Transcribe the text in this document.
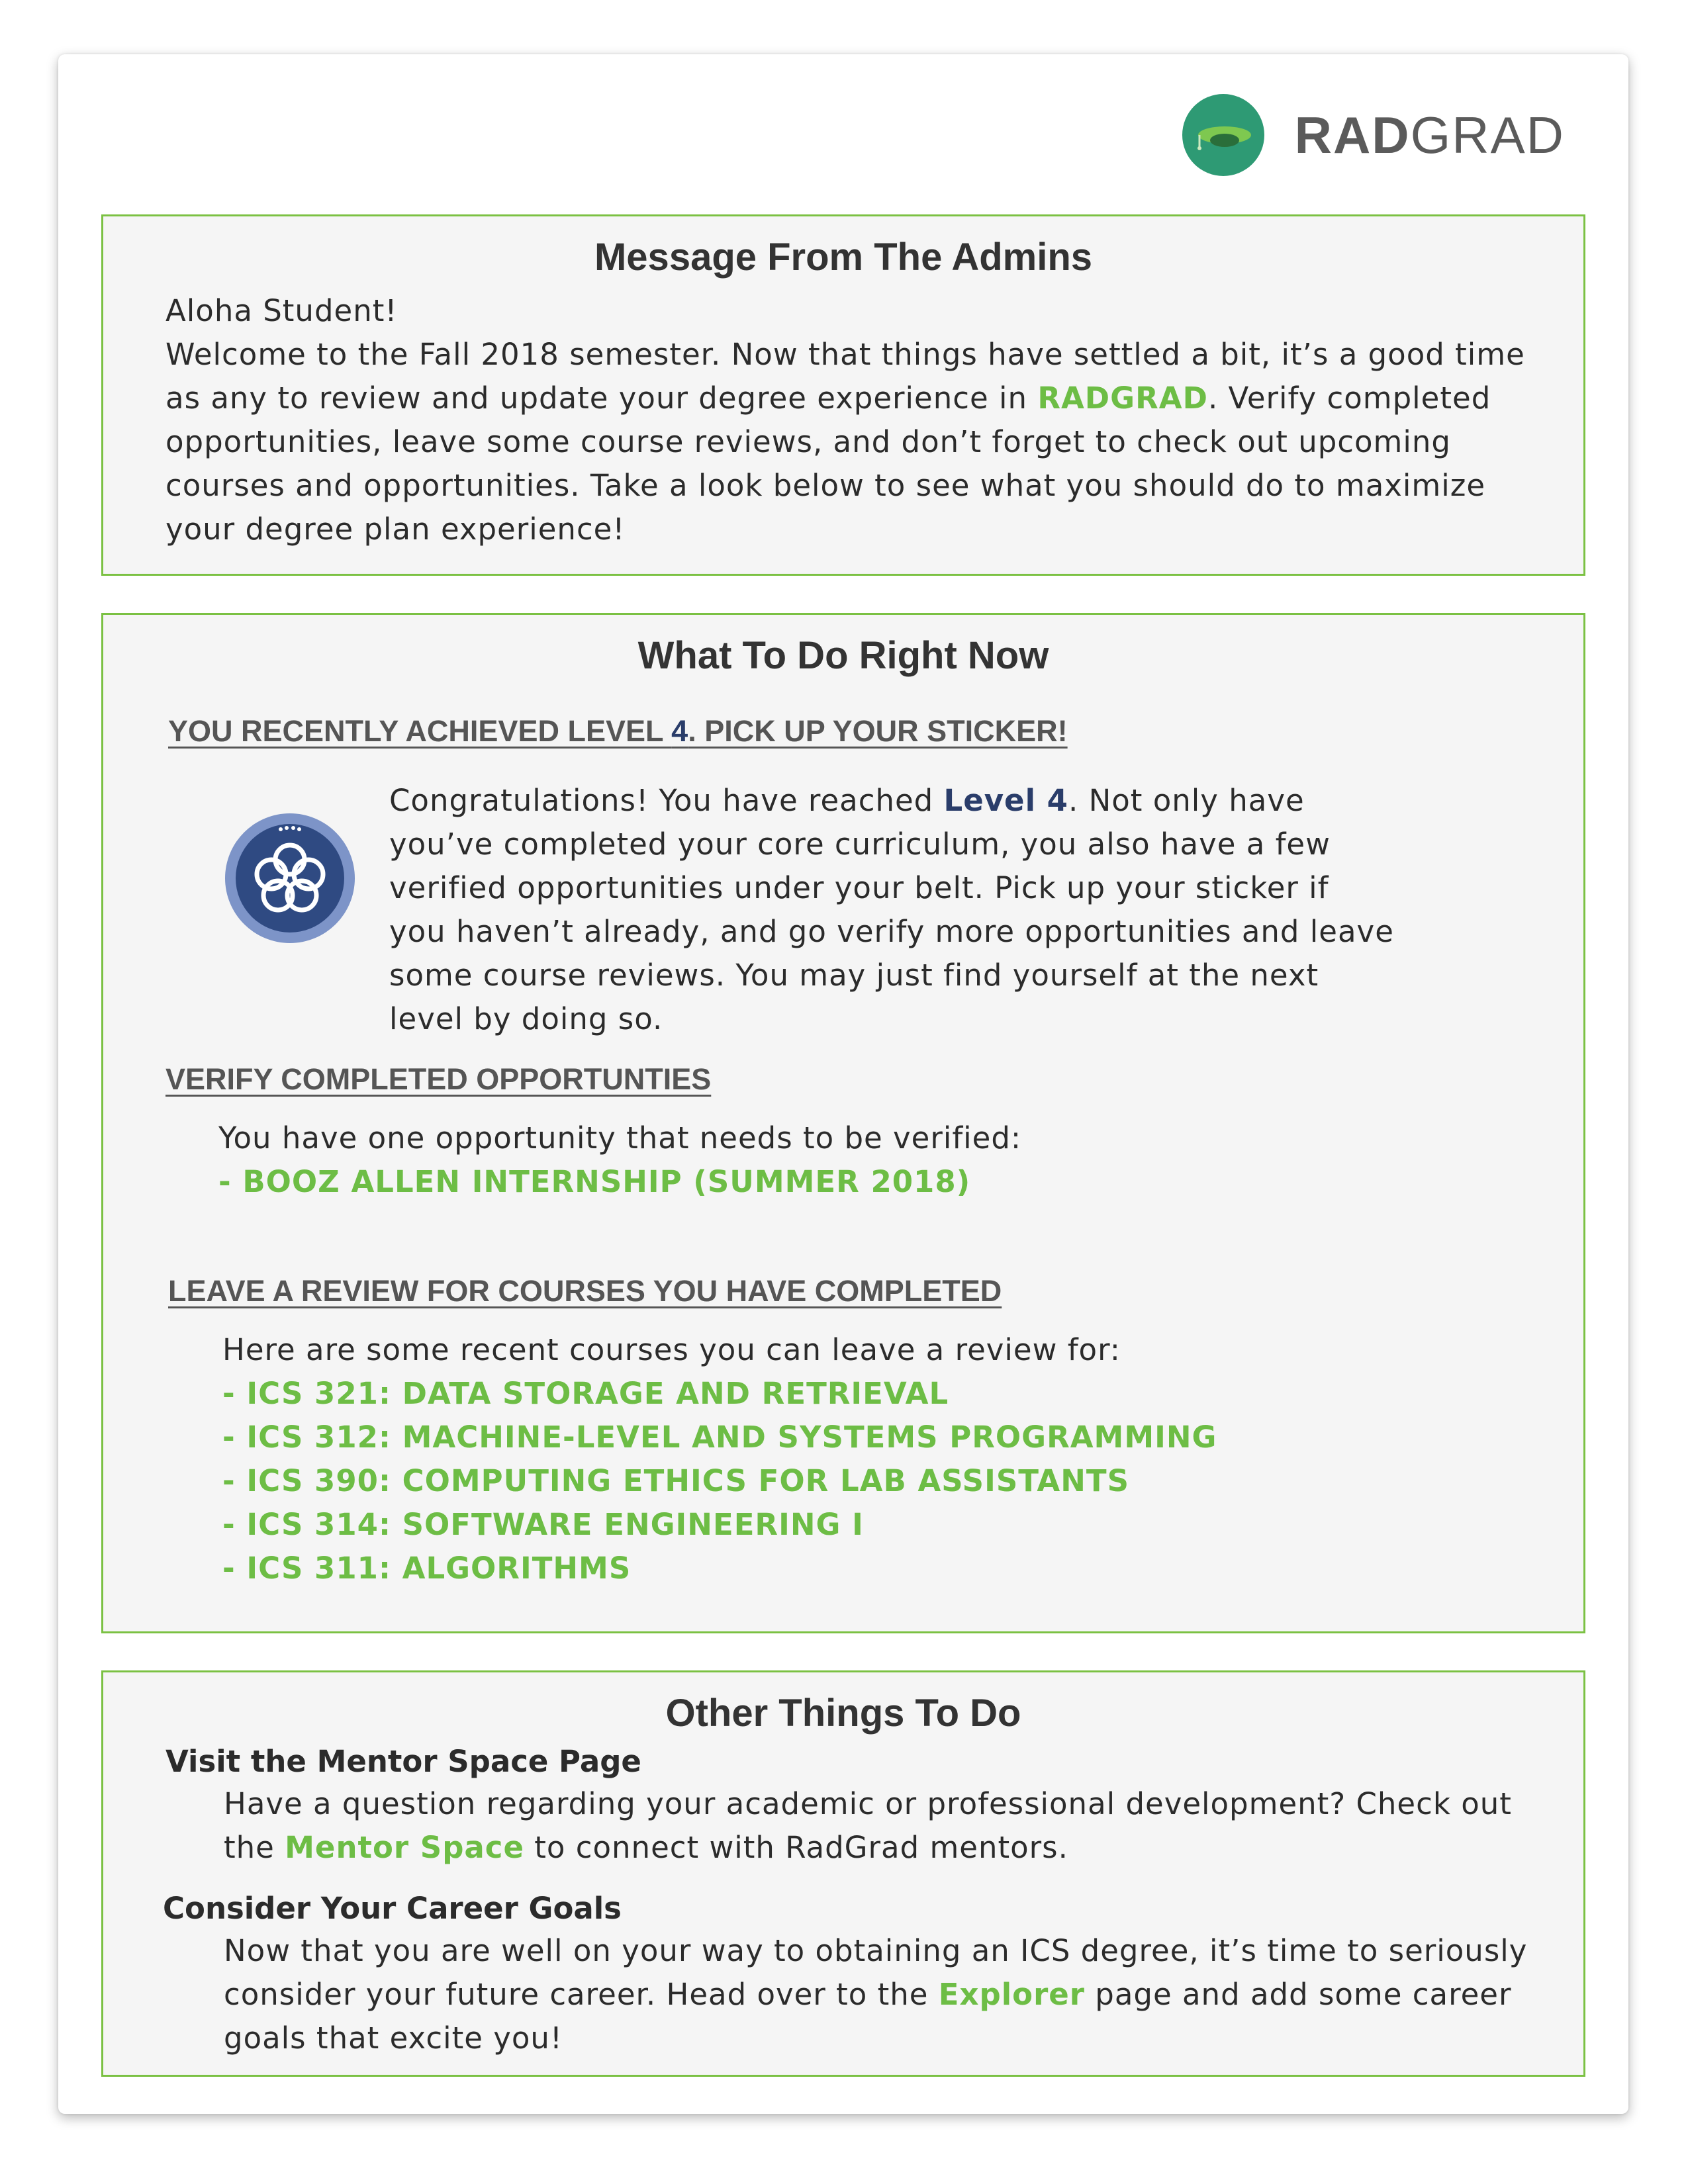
RADGRAD
Message From The Admins
Aloha Student!
Welcome to the Fall 2018 semester. Now that things have settled a bit, it’s a good time as any to review and update your degree experience in RADGRAD. Verify completed opportunities, leave some course reviews, and don’t forget to check out upcoming courses and opportunities. Take a look below to see what you should do to maximize your degree plan experience!
What To Do Right Now
YOU RECENTLY ACHIEVED LEVEL 4. PICK UP YOUR STICKER!
Congratulations! You have reached Level 4. Not only have you’ve completed your core curriculum, you also have a few verified opportunities under your belt. Pick up your sticker if you haven’t already, and go verify more opportunities and leave some course reviews. You may just find yourself at the next level by doing so.
VERIFY COMPLETED OPPORTUNTIES
You have one opportunity that needs to be verified:
- BOOZ ALLEN INTERNSHIP (SUMMER 2018)
LEAVE A REVIEW FOR COURSES YOU HAVE COMPLETED
Here are some recent courses you can leave a review for:
- ICS 321: DATA STORAGE AND RETRIEVAL
- ICS 312: MACHINE-LEVEL AND SYSTEMS PROGRAMMING
- ICS 390: COMPUTING ETHICS FOR LAB ASSISTANTS
- ICS 314: SOFTWARE ENGINEERING I
- ICS 311: ALGORITHMS
Other Things To Do
Visit the Mentor Space Page
Have a question regarding your academic or professional development? Check out the Mentor Space to connect with RadGrad mentors.
Consider Your Career Goals
Now that you are well on your way to obtaining an ICS degree, it’s time to seriously consider your future career. Head over to the Explorer page and add some career goals that excite you!
